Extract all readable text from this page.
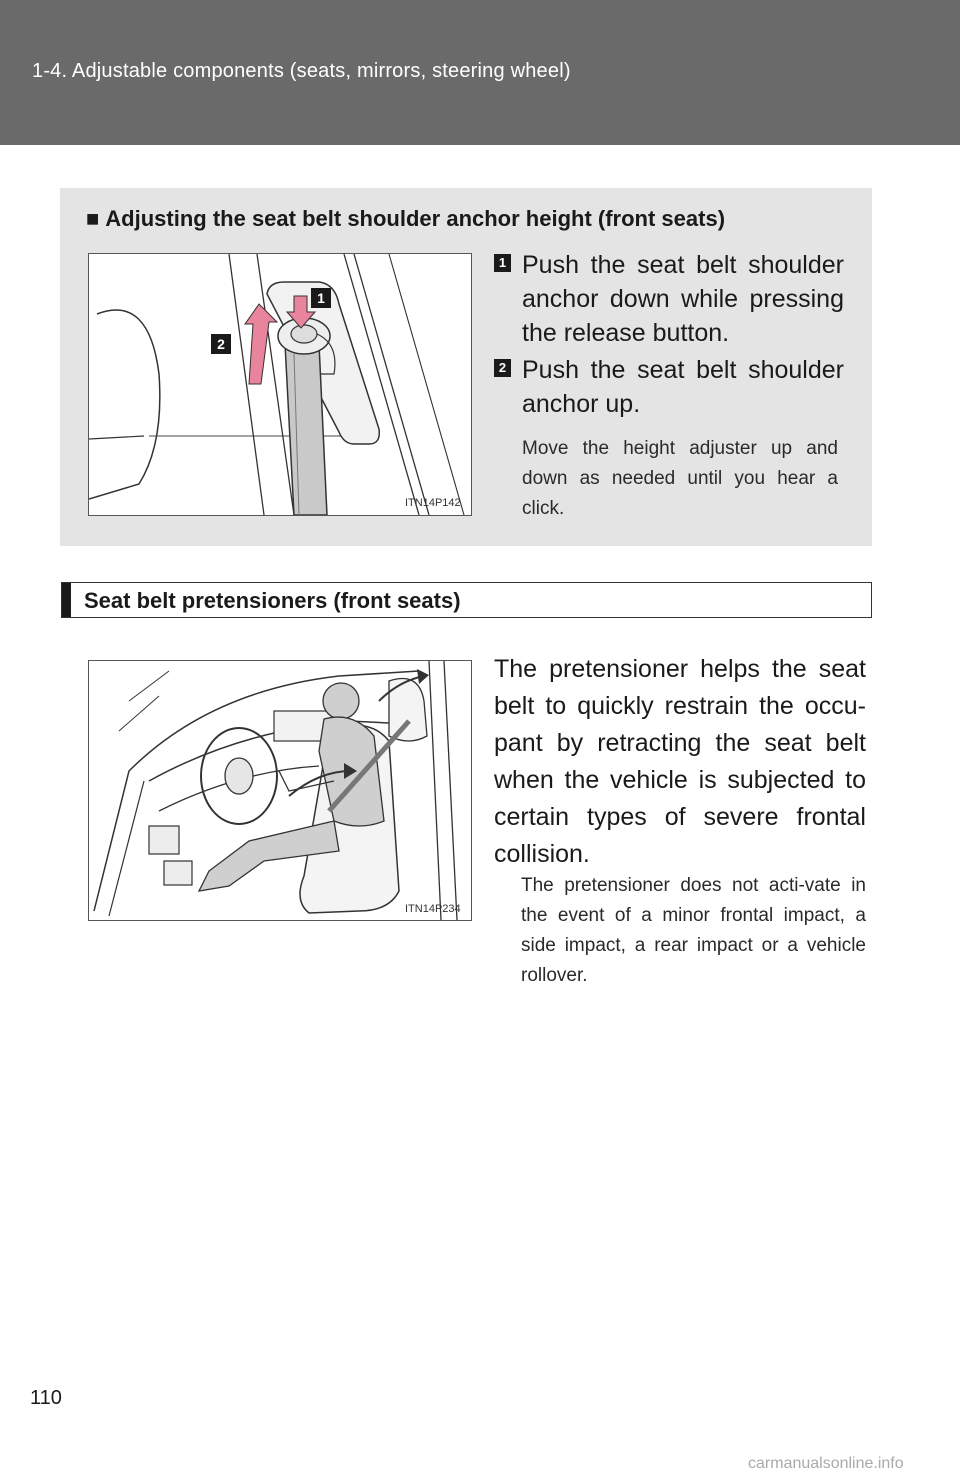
1-4. Adjustable components (seats, mirrors, steering wheel)
■ Adjusting the seat belt shoulder anchor height (front seats)
1
2
ITN14P142
1 Push the seat belt shoulder anchor down while pressing the release button.
2 Push the seat belt shoulder anchor up.
Move the height adjuster up and down as needed until you hear a click.
Seat belt pretensioners (front seats)
ITN14P234
The pretensioner helps the seat belt to quickly restrain the occu-pant by retracting the seat belt when the vehicle is subjected to certain types of severe frontal collision.
The pretensioner does not acti-vate in the event of a minor frontal impact, a side impact, a rear impact or a vehicle rollover.
110
carmanualsonline.info
